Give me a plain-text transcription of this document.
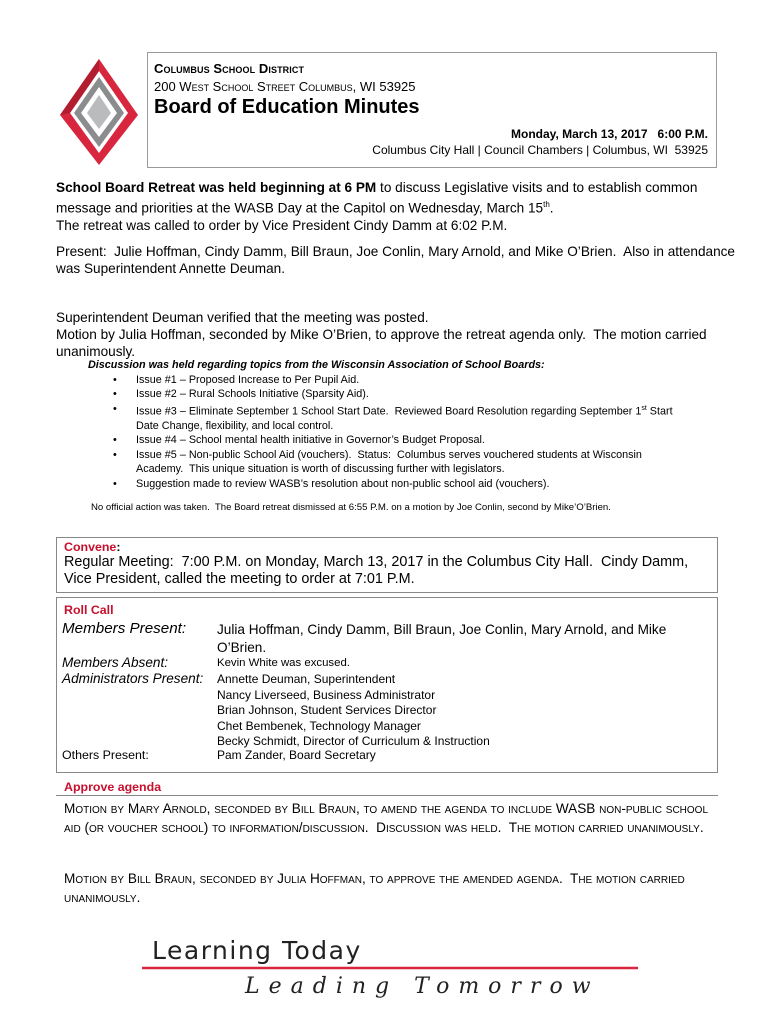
Columbus School District
200 West School Street Columbus, WI 53925
Board of Education Minutes
Monday, March 13, 2017   6:00 P.M.
Columbus City Hall | Council Chambers | Columbus, WI  53925
School Board Retreat was held beginning at 6 PM to discuss Legislative visits and to establish common message and priorities at the WASB Day at the Capitol on Wednesday, March 15th.
The retreat was called to order by Vice President Cindy Damm at 6:02 P.M.
Present:  Julie Hoffman, Cindy Damm, Bill Braun, Joe Conlin, Mary Arnold, and Mike O’Brien.  Also in attendance was Superintendent Annette Deuman.

Superintendent Deuman verified that the meeting was posted.
Motion by Julia Hoffman, seconded by Mike O’Brien, to approve the retreat agenda only.  The motion carried unanimously.
Discussion was held regarding topics from the Wisconsin Association of School Boards:
• Issue #1 – Proposed Increase to Per Pupil Aid.
• Issue #2 – Rural Schools Initiative (Sparsity Aid).
• Issue #3 – Eliminate September 1 School Start Date.  Reviewed Board Resolution regarding September 1st Start Date Change, flexibility, and local control.
• Issue #4 – School mental health initiative in Governor’s Budget Proposal.
• Issue #5 – Non-public School Aid (vouchers).  Status:  Columbus serves vouchered students at Wisconsin Academy.  This unique situation is worth of discussing further with legislators.
• Suggestion made to review WASB’s resolution about non-public school aid (vouchers).
No official action was taken.  The Board retreat dismissed at 6:55 P.M. on a motion by Joe Conlin, second by Mike’O’Brien.
Convene:
Regular Meeting:  7:00 P.M. on Monday, March 13, 2017 in the Columbus City Hall.  Cindy Damm, Vice President, called the meeting to order at 7:01 P.M.
Roll Call
Members Present: Julia Hoffman, Cindy Damm, Bill Braun, Joe Conlin, Mary Arnold, and Mike O’Brien.
Members Absent:	Kevin White was excused.
Administrators Present: Annette Deuman, Superintendent
Nancy Liverseed, Business Administrator
Brian Johnson, Student Services Director
Chet Bembenek, Technology Manager
Becky Schmidt, Director of Curriculum & Instruction
Others Present:	Pam Zander, Board Secretary
Approve agenda
Motion by Mary Arnold, seconded by Bill Braun, to amend the agenda to include WASB non-public school aid (or voucher school) to information/discussion.  Discussion was held.  The motion carried unanimously.
Motion by Bill Braun, seconded by Julia Hoffman, to approve the amended agenda.  The motion carried unanimously.
Learning Today
Leading Tomorrow
